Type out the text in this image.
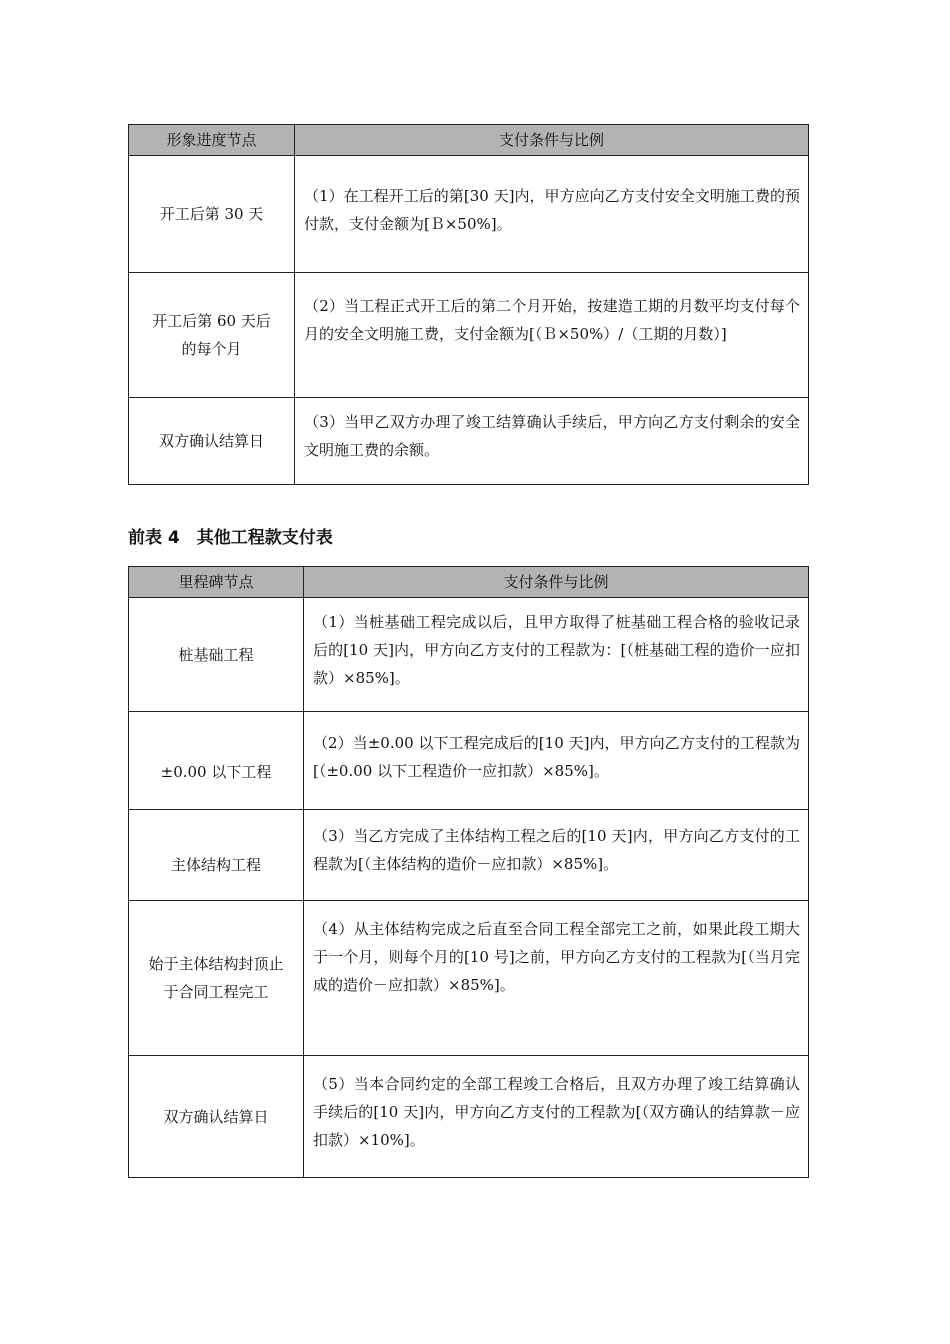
形象进度节点	支付条件与比例
开工后第 30 天	（1）在工程开工后的第[30 天]内，甲方应向乙方支付安全文明施工费的预付款，支付金额为[Ｂ×50%]。
开工后第 60 天后的每个月	（2）当工程正式开工后的第二个月开始，按建造工期的月数平均支付每个月的安全文明施工费，支付金额为[（Ｂ×50%）/（工期的月数）]
双方确认结算日	（3）当甲乙双方办理了竣工结算确认手续后，甲方向乙方支付剩余的安全文明施工费的余额。
前表 4　其他工程款支付表
里程碑节点	支付条件与比例
桩基础工程	（1）当桩基础工程完成以后，且甲方取得了桩基础工程合格的验收记录后的[10 天]内，甲方向乙方支付的工程款为：[（桩基础工程的造价一应扣款）×85%]。
±0.00 以下工程	（2）当±0.00 以下工程完成后的[10 天]内，甲方向乙方支付的工程款为[（±0.00 以下工程造价一应扣款）×85%]。
主体结构工程	（3）当乙方完成了主体结构工程之后的[10 天]内，甲方向乙方支付的工程款为[（主体结构的造价－应扣款）×85%]。
始于主体结构封顶止于合同工程完工	（4）从主体结构完成之后直至合同工程全部完工之前，如果此段工期大于一个月，则每个月的[10 号]之前，甲方向乙方支付的工程款为[（当月完成的造价－应扣款）×85%]。
双方确认结算日	（5）当本合同约定的全部工程竣工合格后，且双方办理了竣工结算确认手续后的[10 天]内，甲方向乙方支付的工程款为[（双方确认的结算款－应扣款）×10%]。
